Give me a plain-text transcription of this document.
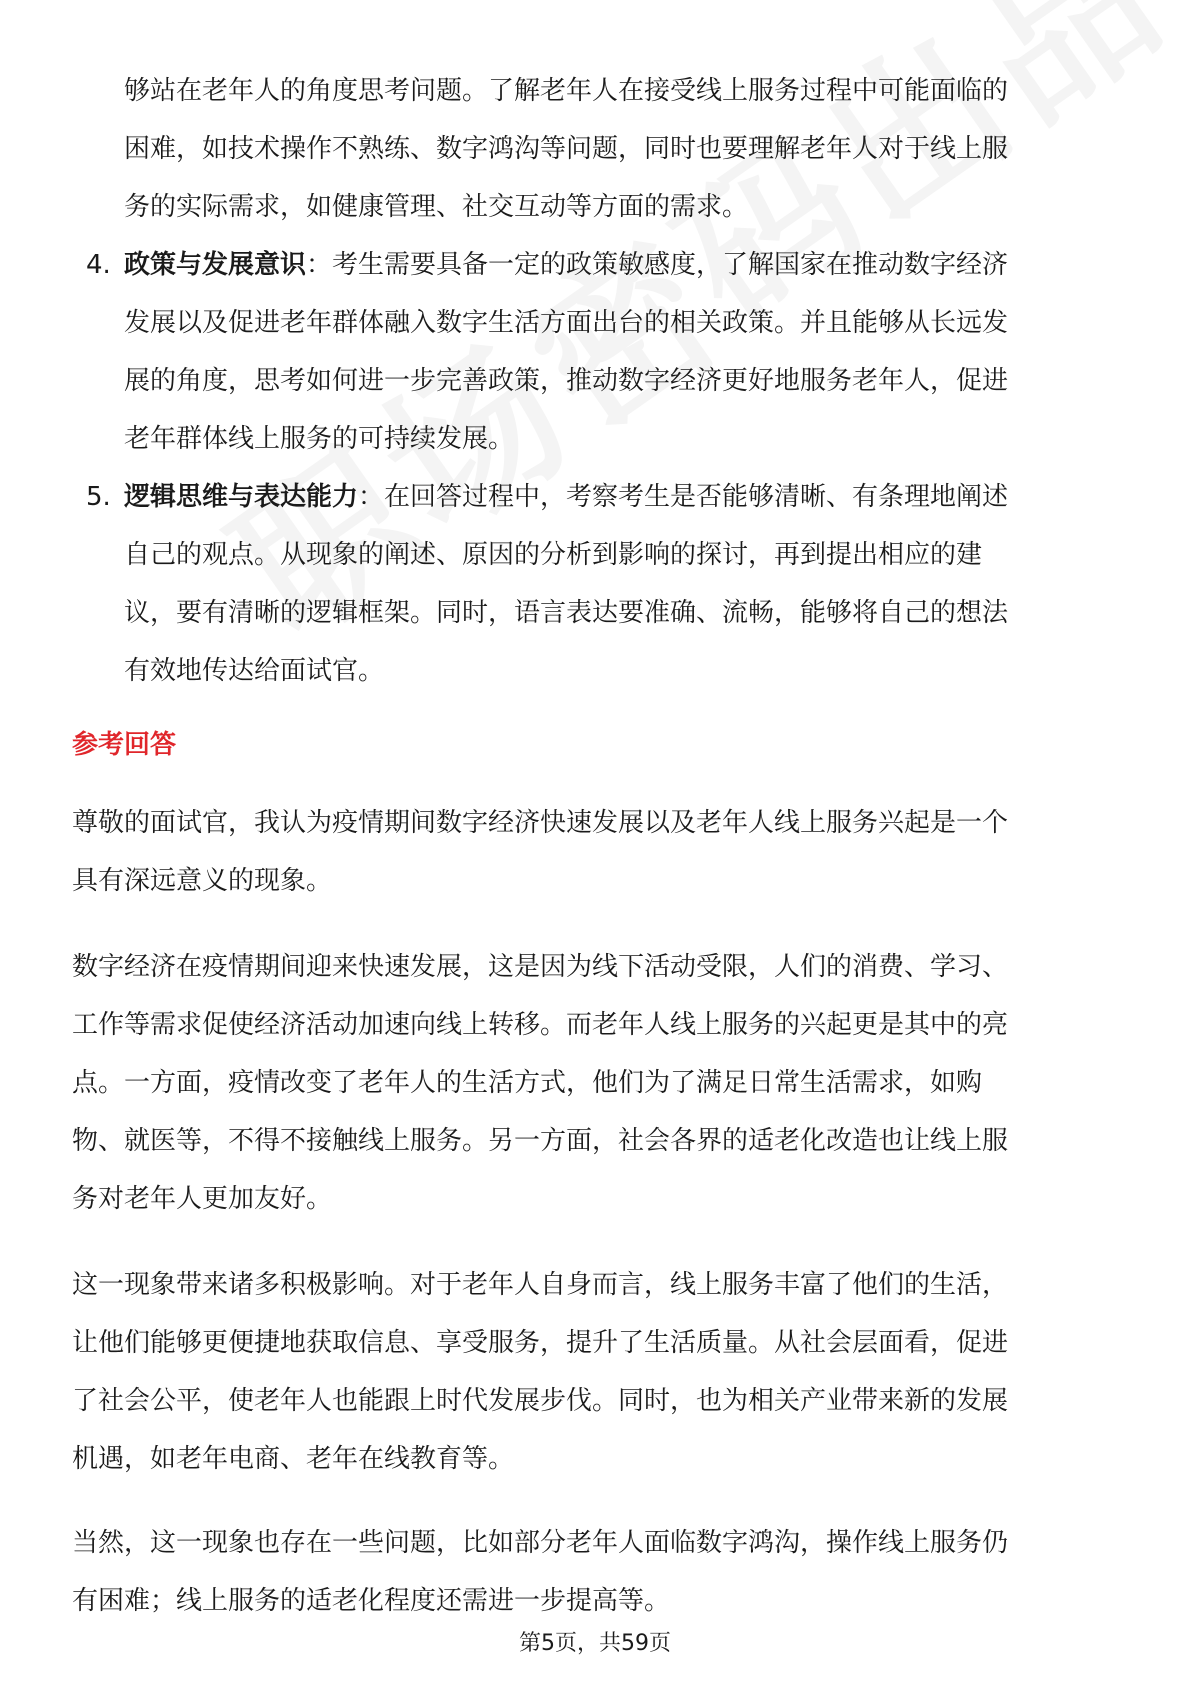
够站在老年人的角度思考问题。了解老年人在接受线上服务过程中可能面临的
困难，如技术操作不熟练、数字鸿沟等问题，同时也要理解老年人对于线上服
务的实际需求，如健康管理、社交互动等方面的需求。
4. 政策与发展意识：考生需要具备一定的政策敏感度，了解国家在推动数字经济
发展以及促进老年群体融入数字生活方面出台的相关政策。并且能够从长远发
展的角度，思考如何进一步完善政策，推动数字经济更好地服务老年人，促进
老年群体线上服务的可持续发展。
5. 逻辑思维与表达能力：在回答过程中，考察考生是否能够清晰、有条理地阐述
自己的观点。从现象的阐述、原因的分析到影响的探讨，再到提出相应的建
议，要有清晰的逻辑框架。同时，语言表达要准确、流畅，能够将自己的想法
有效地传达给面试官。
参考回答
尊敬的面试官，我认为疫情期间数字经济快速发展以及老年人线上服务兴起是一个
具有深远意义的现象。
数字经济在疫情期间迎来快速发展，这是因为线下活动受限，人们的消费、学习、
工作等需求促使经济活动加速向线上转移。而老年人线上服务的兴起更是其中的亮
点。一方面，疫情改变了老年人的生活方式，他们为了满足日常生活需求，如购
物、就医等，不得不接触线上服务。另一方面，社会各界的适老化改造也让线上服
务对老年人更加友好。
这一现象带来诸多积极影响。对于老年人自身而言，线上服务丰富了他们的生活，
让他们能够更便捷地获取信息、享受服务，提升了生活质量。从社会层面看，促进
了社会公平，使老年人也能跟上时代发展步伐。同时，也为相关产业带来新的发展
机遇，如老年电商、老年在线教育等。
当然，这一现象也存在一些问题，比如部分老年人面临数字鸿沟，操作线上服务仍
有困难；线上服务的适老化程度还需进一步提高等。
第5页，共59页
